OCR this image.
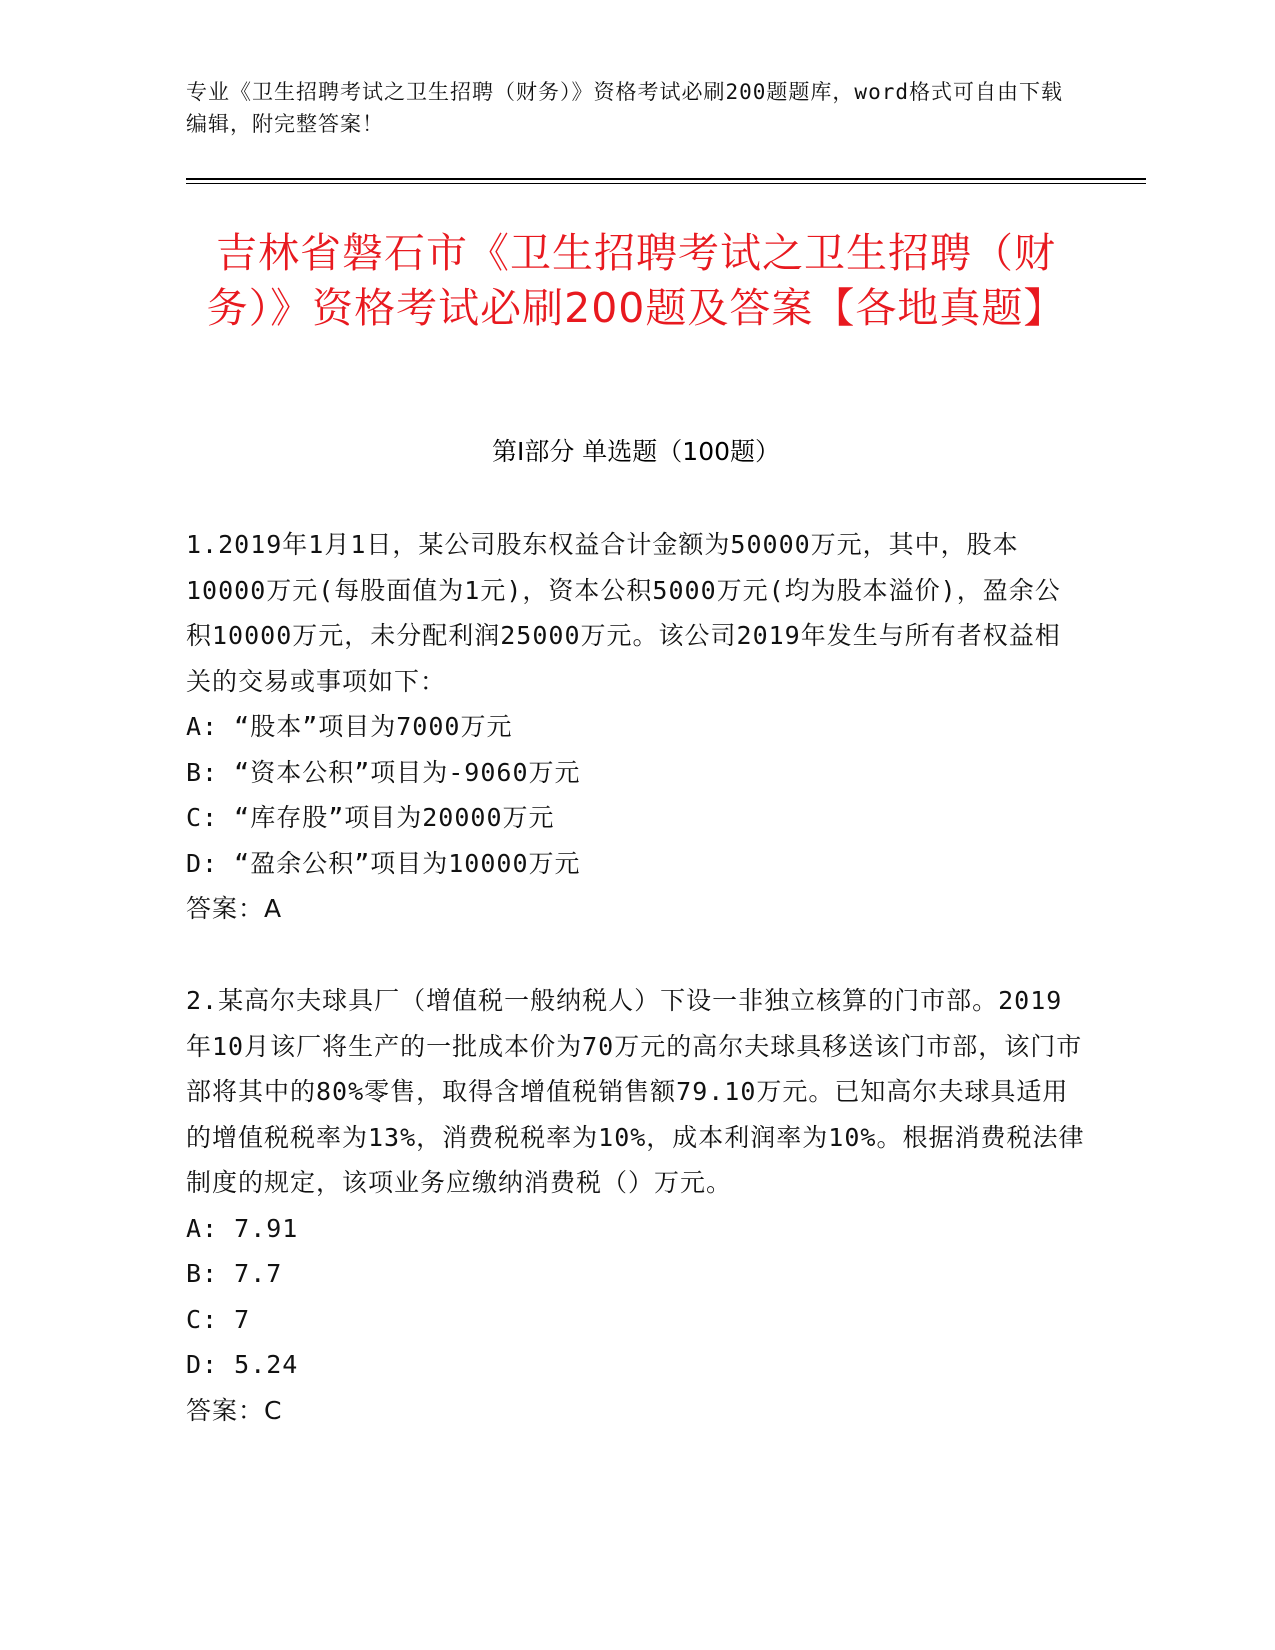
专业《卫生招聘考试之卫生招聘（财务）》资格考试必刷200题题库，word格式可自由下载编辑，附完整答案！
吉林省磐石市《卫生招聘考试之卫生招聘（财务）》资格考试必刷200题及答案【各地真题】
第Ⅰ部分 单选题（100题）

1.2019年1月1日，某公司股东权益合计金额为50000万元，其中，股本10000万元(每股面值为1元)，资本公积5000万元(均为股本溢价)，盈余公积10000万元，未分配利润25000万元。该公司2019年发生与所有者权益相关的交易或事项如下：

A: “股本”项目为7000万元

B: “资本公积”项目为-9060万元

C: “库存股”项目为20000万元

D: “盈余公积”项目为10000万元

答案：A

2.某高尔夫球具厂（增值税一般纳税人）下设一非独立核算的门市部。2019年10月该厂将生产的一批成本价为70万元的高尔夫球具移送该门市部，该门市部将其中的80%零售，取得含增值税销售额79.10万元。已知高尔夫球具适用的增值税税率为13%，消费税税率为10%，成本利润率为10%。根据消费税法律制度的规定，该项业务应缴纳消费税（）万元。

A: 7.91

B: 7.7

C: 7

D: 5.24

答案：C
